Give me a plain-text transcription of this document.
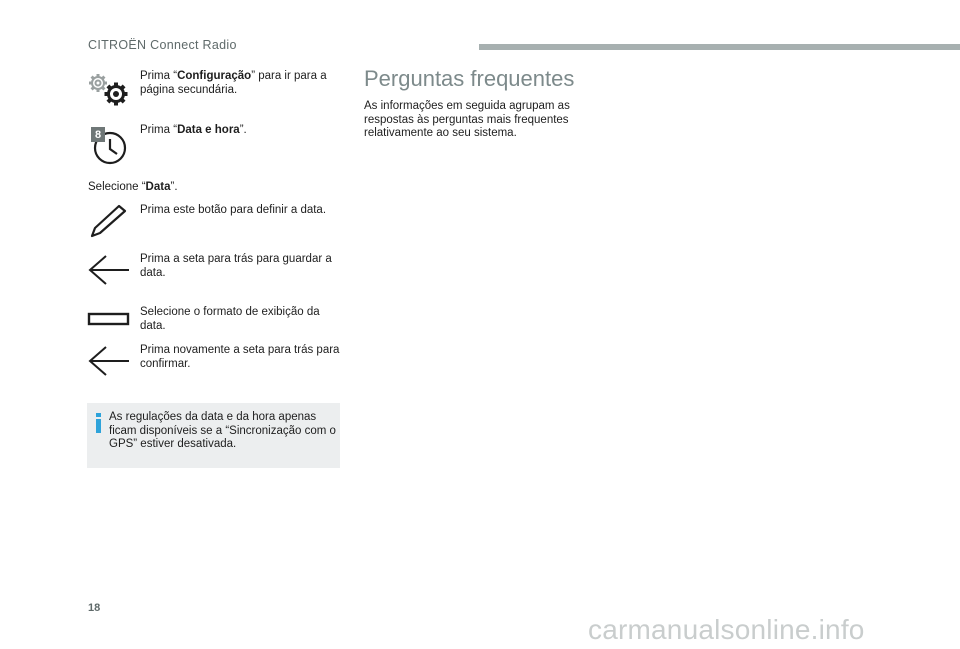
CITROËN Connect Radio
Prima “Configuração” para ir para a página secundária.
8	Prima “Data e hora”.
Selecione “Data”.
Prima este botão para definir a data.
Prima a seta para trás para guardar a data.
Selecione o formato de exibição da data.
Prima novamente a seta para trás para confirmar.
As regulações da data e da hora apenas ficam disponíveis se a “Sincronização com o GPS” estiver desativada.
Perguntas frequentes
As informações em seguida agrupam as respostas às perguntas mais frequentes relativamente ao seu sistema.
18
carmanualsonline.info
